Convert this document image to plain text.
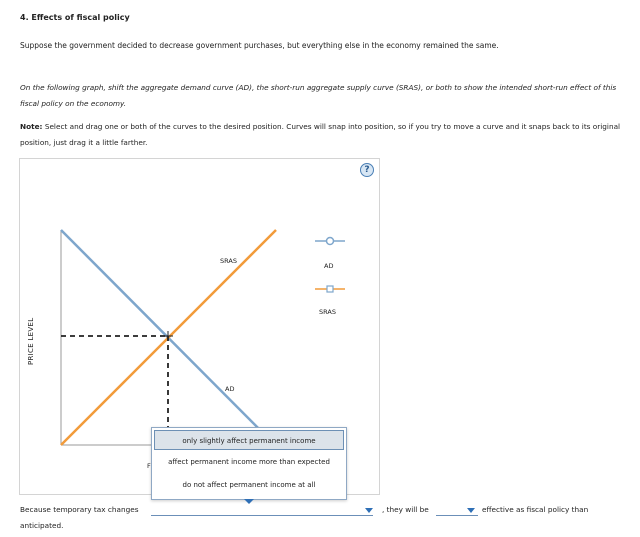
4. Effects of fiscal policy
Suppose the government decided to decrease government purchases, but everything else in the economy remained the same.
On the following graph, shift the aggregate demand curve (AD), the short-run aggregate supply curve (SRAS), or both to show the intended short-run effect of this fiscal policy on the economy.
Note: Select and drag one or both of the curves to the desired position. Curves will snap into position, so if you try to move a curve and it snaps back to its original position, just drag it a little farther.
?
PRICE LEVEL
SRAS
AD
AD
SRAS
F
only slightly affect permanent income
affect permanent income more than expected
do not affect permanent income at all
Because temporary tax changes
anticipated.
, they will be	effective as fiscal policy than
